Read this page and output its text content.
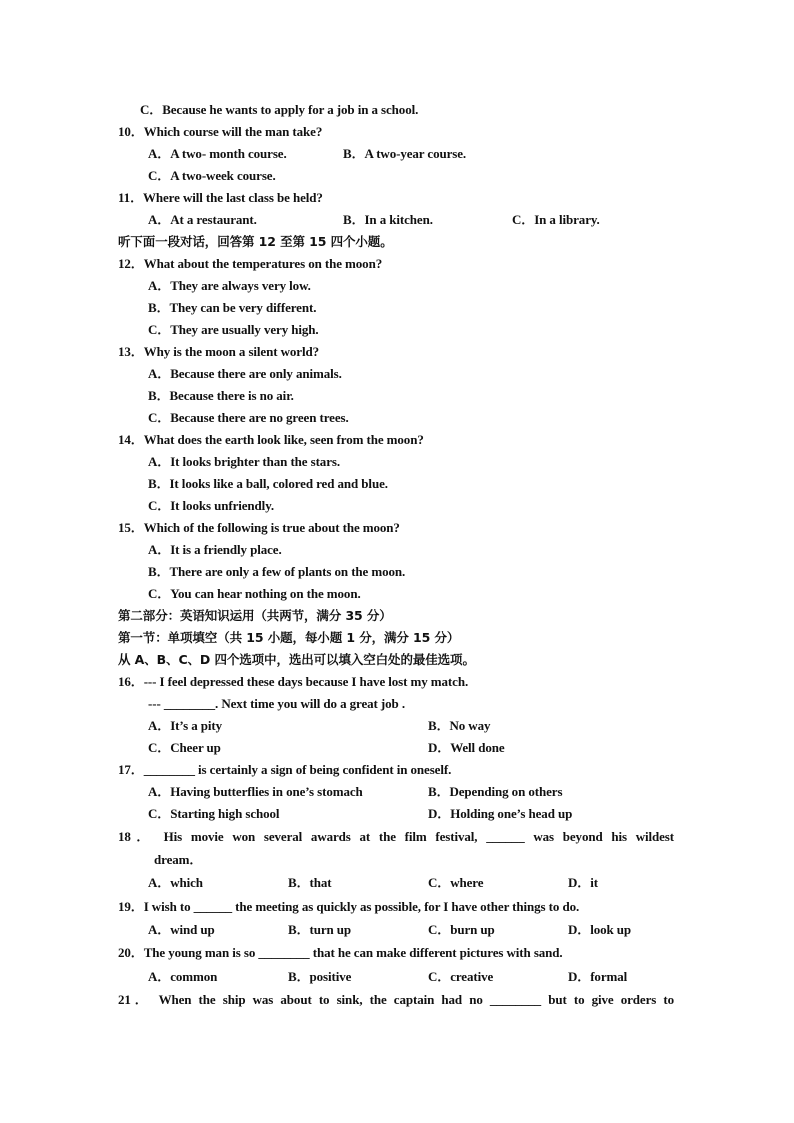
C．Because he wants to apply for a job in a school.
10．Which course will the man take?
A．A two- month course.	B．A two-year course.
C．A two-week course.
11．Where will the last class be held?
A．At a restaurant.	B．In a kitchen.	C．In a library.
听下面一段对话，回答第 12 至第 15 四个小题。
12．What about the temperatures on the moon?
A．They are always very low.
B．They can be very different.
C．They are usually very high.
13．Why is the moon a silent world?
A．Because there are only animals.
B．Because there is no air.
C．Because there are no green trees.
14．What does the earth look like, seen from the moon?
A．It looks brighter than the stars.
B．It looks like a ball, colored red and blue.
C．It looks unfriendly.
15．Which of the following is true about the moon?
A．It is a friendly place.
B．There are only a few of plants on the moon.
C．You can hear nothing on the moon.
第二部分：英语知识运用（共两节，满分 35 分）
第一节：单项填空（共 15 小题，每小题 1 分，满分 15 分）
从 A、B、C、D 四个选项中，选出可以填入空白处的最佳选项。
16．--- I feel depressed these days because I have lost my match.
--- ________. Next time you will do a great job .
A．It’s a pity	B．No way
C．Cheer up	D．Well done
17．________ is certainly a sign of being confident in oneself.
A．Having butterflies in one’s stomach	B．Depending on others
C．Starting high school	D．Holding one’s head up
18． His movie won several awards at the film festival, ______ was beyond his wildest
dream．
A．which	B．that	C．where	D．it
19．I wish to ______ the meeting as quickly as possible, for I have other things to do.
A．wind up	B．turn up	C．burn up	D．look up
20．The young man is so ________ that he can make different pictures with sand.
A．common	B．positive	C．creative	D．formal
21． When the ship was about to sink, the captain had no ________ but to give orders to
